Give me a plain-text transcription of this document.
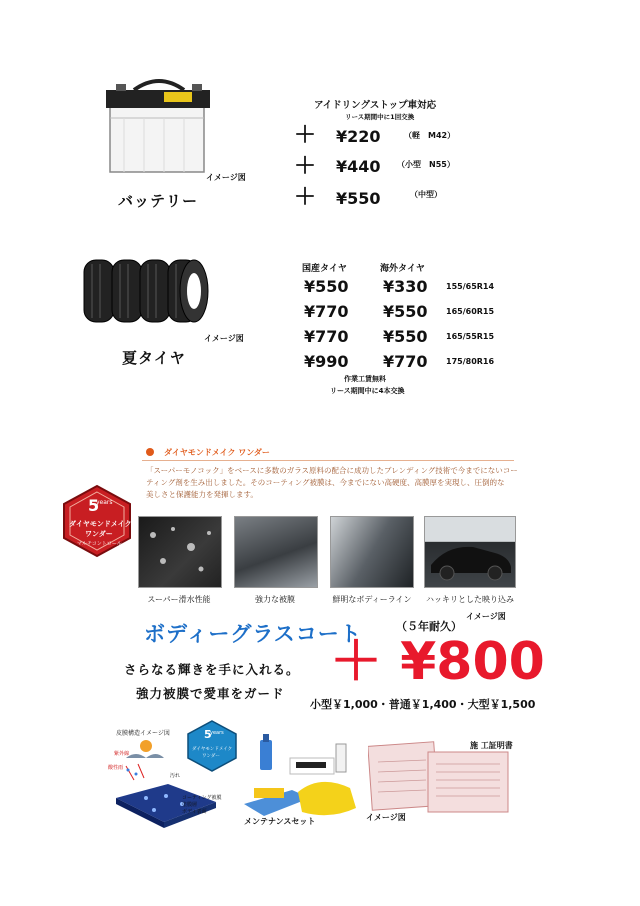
イメージ図
バッテリー
アイドリングストップ車対応
リース期間中に1回交換
＋ ¥220	（軽　M42）
＋ ¥440 （小型　N55）
＋ ¥550	（中型）
イメージ図
夏タイヤ
国産タイヤ	海外タイヤ
¥550 ¥330 155/65R14
¥770 ¥550 165/60R15
¥770 ¥550 165/55R15
¥990 ¥770 175/80R16
作業工賃無料
リース期間中に4本交換
ダイヤモンドメイク ワンダー
「スーパーモノコック」をベースに多数のガラス原料の配合に成功したブレンディング技術で今までにないコー
ティング剤を生み出しました。そのコーティング被膜は、今までにない高硬度、高膜厚を実現し、圧倒的な
美しさと保護能力を発揮します。
5
years
ダイヤモンドメイク
ワンダー
マルチコントロール
スーパー滑水性能	強力な被膜	鮮明なボディーライン	ハッキリとした映り込み
イメージ図
ボディーグラスコート	（５年耐久）
さらなる輝きを手に入れる。
強力被膜で愛車をガード
＋ ¥800
小型￥1,000・普通￥1,400・大型￥1,500
皮膜構造イメージ図
紫外線
酸性雨
汚れ
コーティング被膜
塗膜層
ボディ表面
5
years
ダイヤモンドメイク
ワンダー
メンテナンスセット	イメージ図
施 工証明書
